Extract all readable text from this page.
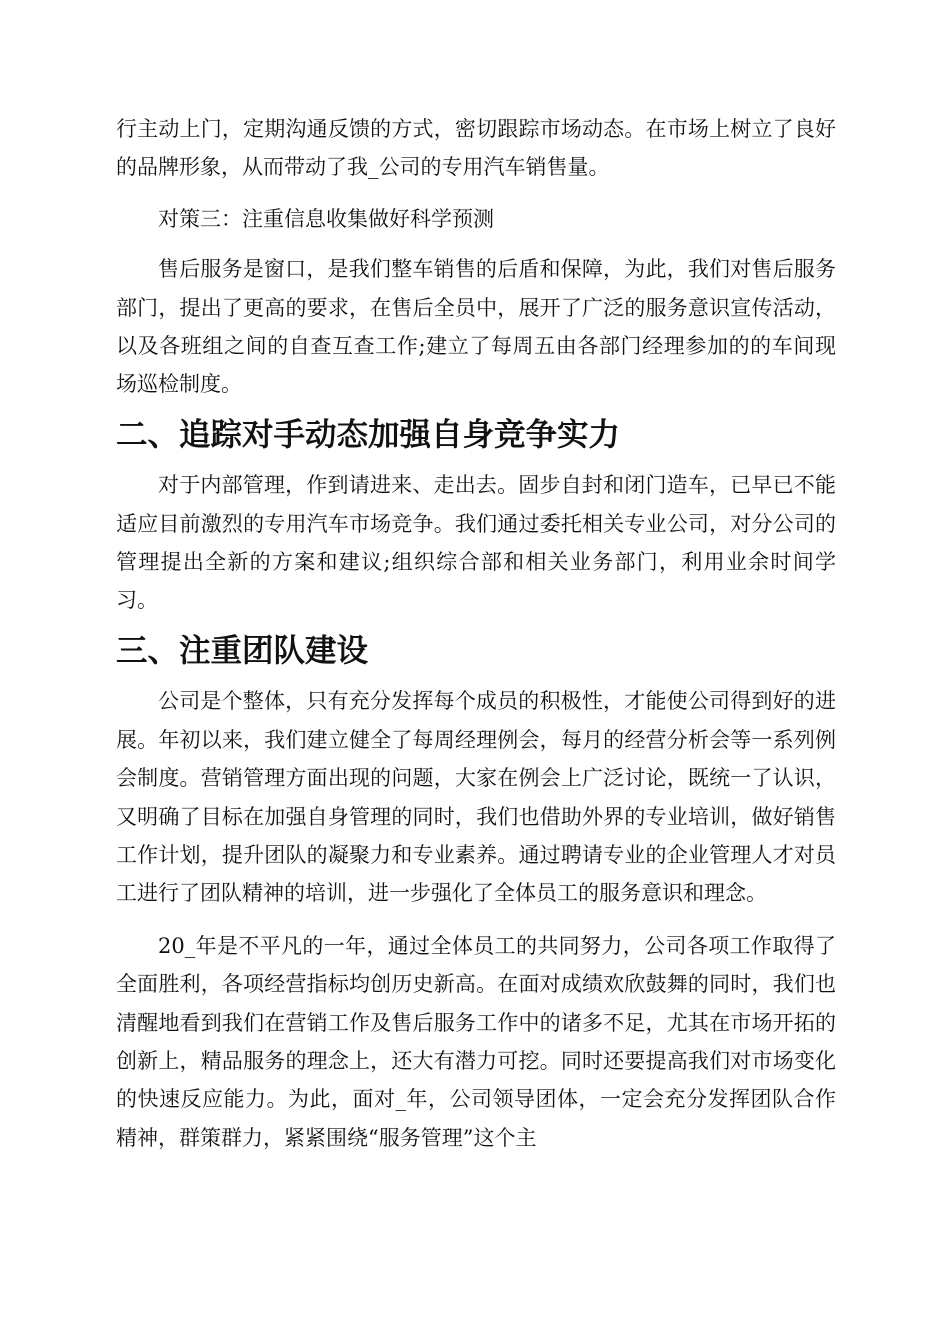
行主动上门，定期沟通反馈的方式，密切跟踪市场动态。在市场上树立了良好的品牌形象，从而带动了我_公司的专用汽车销售量。

对策三：注重信息收集做好科学预测

售后服务是窗口，是我们整车销售的后盾和保障，为此，我们对售后服务部门，提出了更高的要求，在售后全员中，展开了广泛的服务意识宣传活动，以及各班组之间的自查互查工作;建立了每周五由各部门经理参加的的车间现场巡检制度。

二、追踪对手动态加强自身竞争实力

对于内部管理，作到请进来、走出去。固步自封和闭门造车，已早已不能适应目前激烈的专用汽车市场竞争。我们通过委托相关专业公司，对分公司的管理提出全新的方案和建议;组织综合部和相关业务部门，利用业余时间学习。

三、注重团队建设

公司是个整体，只有充分发挥每个成员的积极性，才能使公司得到好的进展。年初以来，我们建立健全了每周经理例会，每月的经营分析会等一系列例会制度。营销管理方面出现的问题，大家在例会上广泛讨论，既统一了认识，又明确了目标在加强自身管理的同时，我们也借助外界的专业培训，做好销售工作计划，提升团队的凝聚力和专业素养。通过聘请专业的企业管理人才对员工进行了团队精神的培训，进一步强化了全体员工的服务意识和理念。

20_年是不平凡的一年，通过全体员工的共同努力，公司各项工作取得了全面胜利，各项经营指标均创历史新高。在面对成绩欢欣鼓舞的同时，我们也清醒地看到我们在营销工作及售后服务工作中的诸多不足，尤其在市场开拓的创新上，精品服务的理念上，还大有潜力可挖。同时还要提高我们对市场变化的快速反应能力。为此，面对_年，公司领导团体，一定会充分发挥团队合作精神，群策群力，紧紧围绕“服务管理”这个主
